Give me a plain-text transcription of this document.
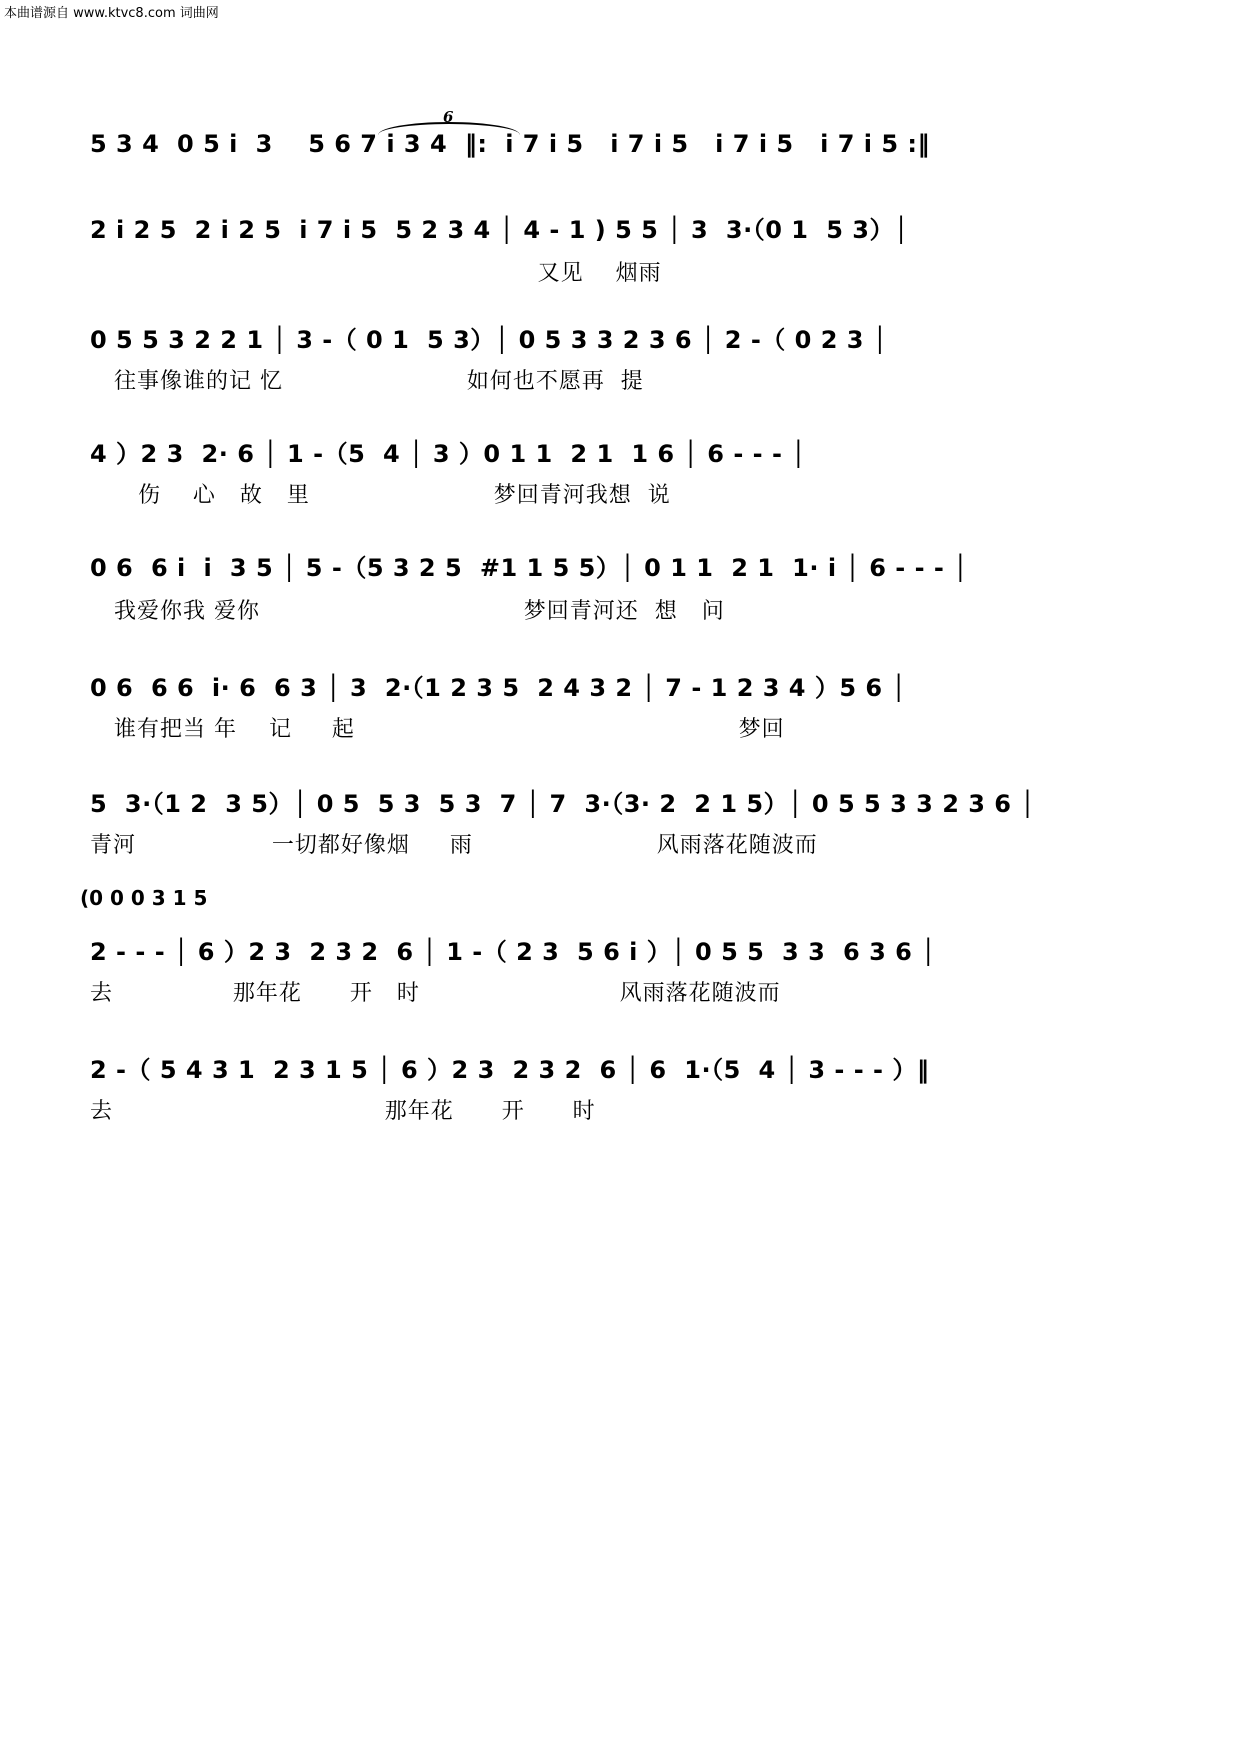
本曲谱源自 www.ktvc8.com 词曲网
6
5 3 4  0 5 i  3    5 6 7 i 3 4  ‖:  i 7 i 5   i 7 i 5   i 7 i 5   i 7 i 5 :‖
2 i 2 5  2 i 2 5  i 7 i 5  5 2 3 4 │ 4 - 1 ) 5 5 │ 3  3·（0 1  5 3）│
又见    烟雨
0 5 5 3 2 2 1 │ 3 -（ 0 1  5 3）│ 0 5 3 3 2 3 6 │ 2 -（ 0 2 3 │
往事像谁的记 忆                       如何也不愿再  提
4 ）2 3  2· 6 │ 1 -（5  4 │ 3 ）0 1 1  2 1  1 6 │ 6 - - - │
伤    心   故   里                       梦回青河我想  说
0 6  6 i  i  3 5 │ 5 -（5 3 2 5  #1 1 5 5）│ 0 1 1  2 1  1· i │ 6 - - - │
我爱你我 爱你                                 梦回青河还  想   问
0 6  6 6  i· 6  6 3 │ 3  2·（1 2 3 5  2 4 3 2 │ 7 - 1 2 3 4 ）5 6 │
谁有把当 年    记     起                                                梦回
5  3·（1 2  3 5）│ 0 5  5 3  5 3  7 │ 7  3·（3· 2  2 1 5）│ 0 5 5 3 3 2 3 6 │
青河                 一切都好像烟     雨                       风雨落花随波而
(0 0 0 3 1 5
2 - - - │ 6 ）2 3  2 3 2  6 │ 1 -（ 2 3  5 6 i ）│ 0 5 5  3 3  6 3 6 │
去               那年花      开   时                         风雨落花随波而
2 -（ 5 4 3 1  2 3 1 5 │ 6 ）2 3  2 3 2  6 │ 6  1·（5  4 │ 3 - - - ）‖
去                                  那年花      开      时
